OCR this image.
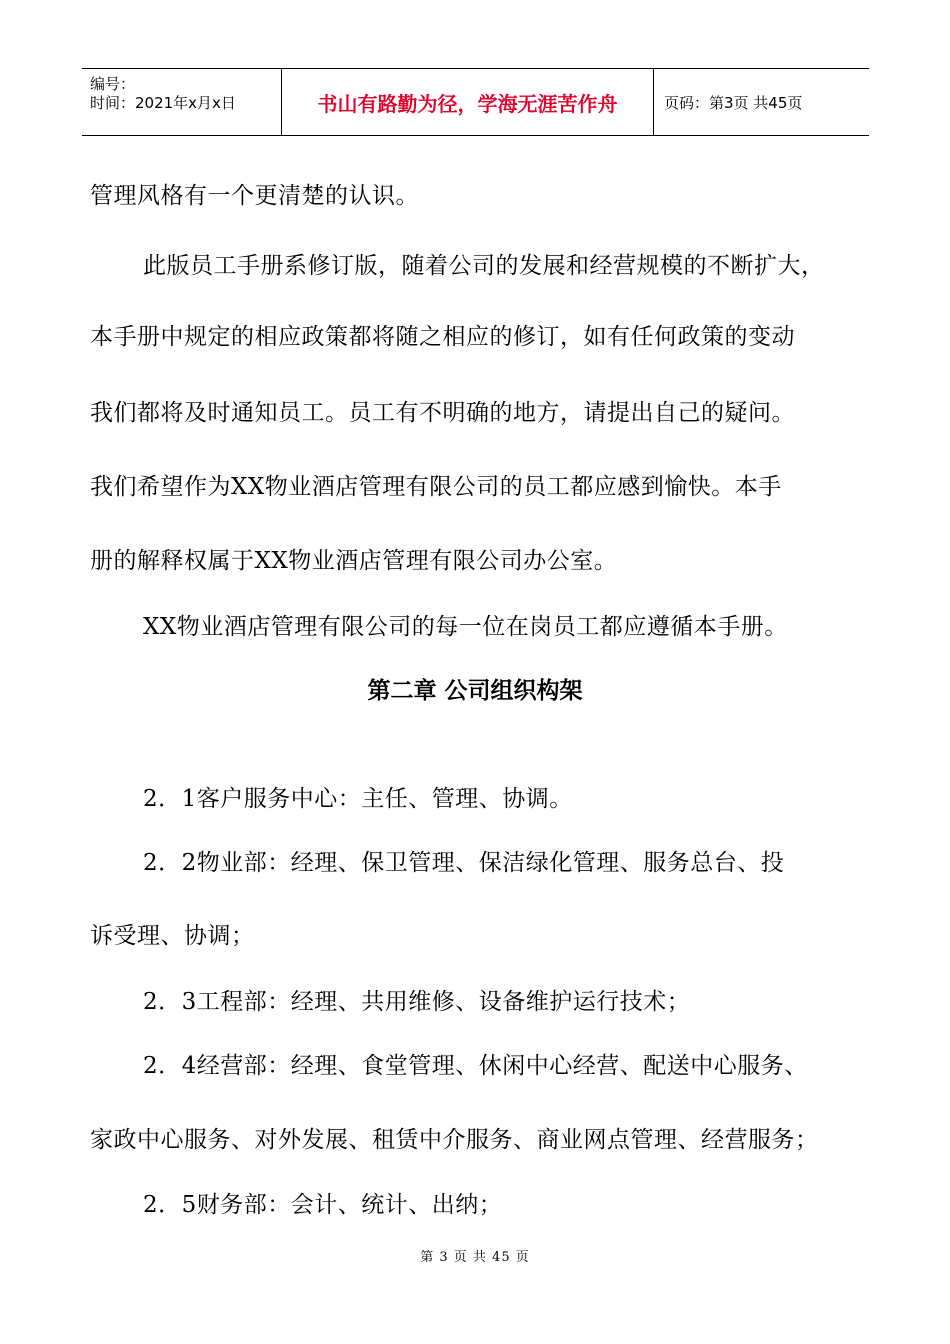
编号：
时间：2021年x月x日	书山有路勤为径，学海无涯苦作舟	页码：第3页 共45页

管理风格有一个更清楚的认识。

此版员工手册系修订版，随着公司的发展和经营规模的不断扩大，

本手册中规定的相应政策都将随之相应的修订，如有任何政策的变动

我们都将及时通知员工。员工有不明确的地方，请提出自己的疑问。

我们希望作为XX物业酒店管理有限公司的员工都应感到愉快。本手

册的解释权属于XX物业酒店管理有限公司办公室。

XX物业酒店管理有限公司的每一位在岗员工都应遵循本手册。

第二章 公司组织构架

2．1客户服务中心：主任、管理、协调。

2．2物业部：经理、保卫管理、保洁绿化管理、服务总台、投

诉受理、协调；

2．3工程部：经理、共用维修、设备维护运行技术；

2．4经营部：经理、食堂管理、休闲中心经营、配送中心服务、

家政中心服务、对外发展、租赁中介服务、商业网点管理、经营服务；

2．5财务部：会计、统计、出纳；

第 3 页 共 45 页
